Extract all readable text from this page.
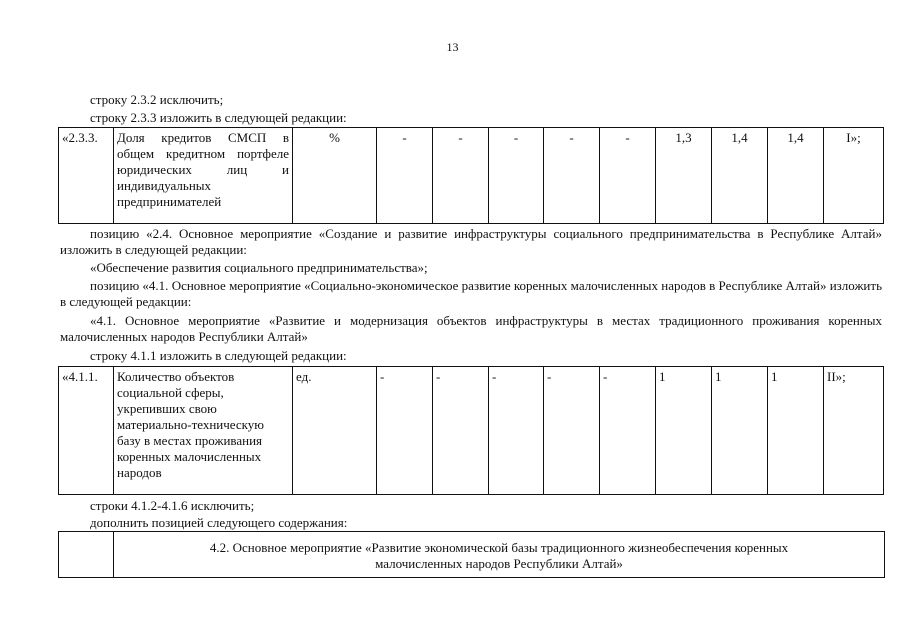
13
строку 2.3.2 исключить;
строку 2.3.3 изложить в следующей редакции:
«2.3.3.	Доля кредитов СМСП в общем кредитном портфеле юридических лиц и индивидуальных предпринимателей	%	-	-	-	-	-	1,3	1,4	1,4	I»;
позицию «2.4. Основное мероприятие «Создание и развитие инфраструктуры социального предпринимательства в Республике Алтай» изложить в следующей редакции:
«Обеспечение развития социального предпринимательства»;
позицию «4.1. Основное мероприятие «Социально-экономическое развитие коренных малочисленных народов в Республике Алтай» изложить в следующей редакции:
«4.1. Основное мероприятие «Развитие и модернизация объектов инфраструктуры в местах традиционного проживания коренных малочисленных народов Республики Алтай»
строку 4.1.1 изложить в следующей редакции:
«4.1.1.	Количество объектов социальной сферы, укрепивших свою материально-техническую базу в местах проживания коренных малочисленных народов	ед.	-	-	-	-	-	1	1	1	II»;
строки 4.1.2-4.1.6 исключить;
дополнить позицией следующего содержания:
	4.2. Основное мероприятие «Развитие экономической базы традиционного жизнеобеспечения коренных малочисленных народов Республики Алтай»
